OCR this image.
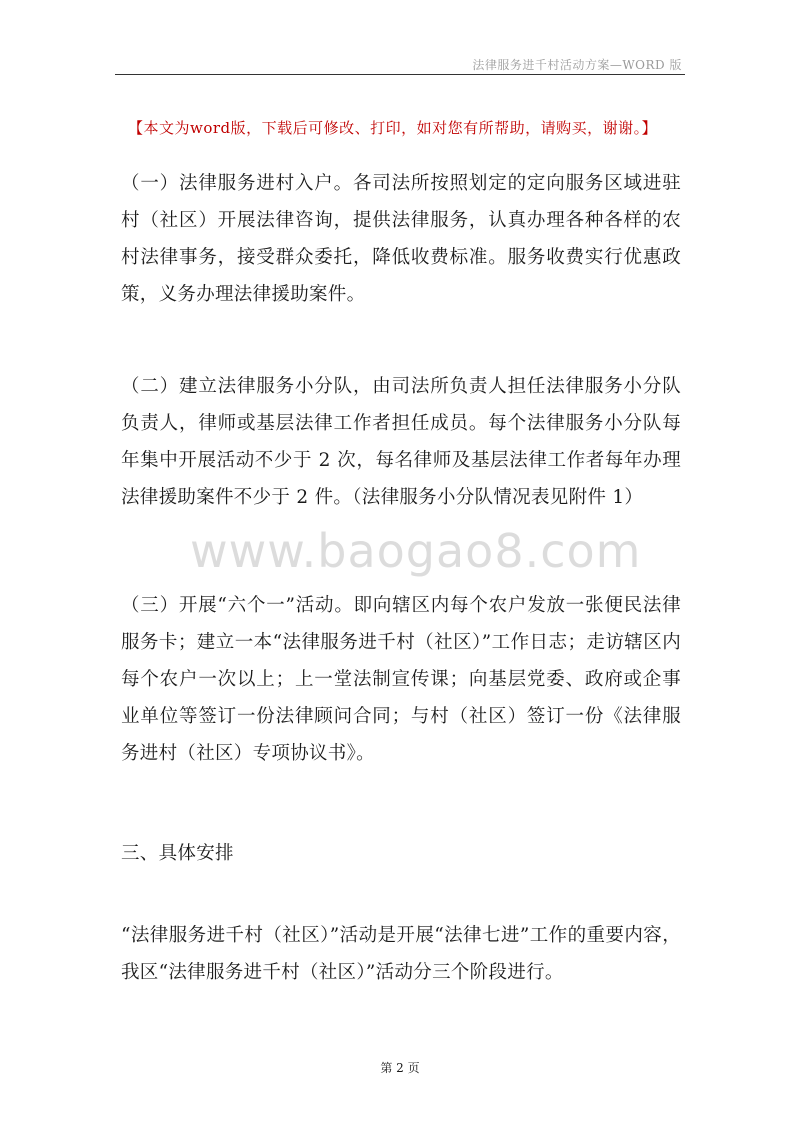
法律服务进千村活动方案—WORD 版
【本文为word版，下载后可修改、打印，如对您有所帮助，请购买，谢谢。】

（一）法律服务进村入户。各司法所按照划定的定向服务区域进驻村（社区）开展法律咨询，提供法律服务，认真办理各种各样的农村法律事务，接受群众委托，降低收费标准。服务收费实行优惠政策，义务办理法律援助案件。

（二）建立法律服务小分队，由司法所负责人担任法律服务小分队负责人，律师或基层法律工作者担任成员。每个法律服务小分队每年集中开展活动不少于 2 次，每名律师及基层法律工作者每年办理法律援助案件不少于 2 件。（法律服务小分队情况表见附件 1）

www.baogao8.com

（三）开展“六个一”活动。即向辖区内每个农户发放一张便民法律服务卡；建立一本“法律服务进千村（社区）”工作日志；走访辖区内每个农户一次以上；上一堂法制宣传课；向基层党委、政府或企事业单位等签订一份法律顾问合同；与村（社区）签订一份《法律服务进村（社区）专项协议书》。

三、具体安排

“法律服务进千村（社区）”活动是开展“法律七进”工作的重要内容，我区“法律服务进千村（社区）”活动分三个阶段进行。

第 2 页
